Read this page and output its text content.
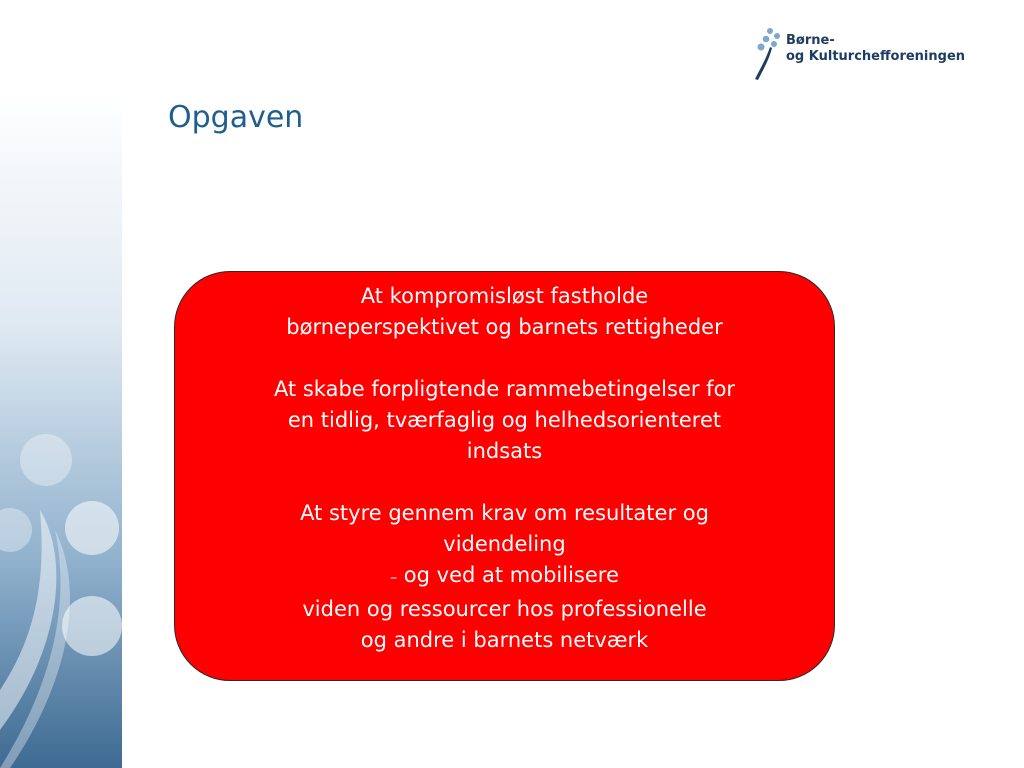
Børne-
og Kulturchefforeningen
Opgaven

At kompromisløst fastholde

børneperspektivet og barnets rettigheder

At skabe forpligtende rammebetingelser for

en tidlig, tværfaglig og helhedsorienteret

indsats

At styre gennem krav om resultater og

videndeling

– og ved at mobilisere

viden og ressourcer hos professionelle

og andre i barnets netværk
